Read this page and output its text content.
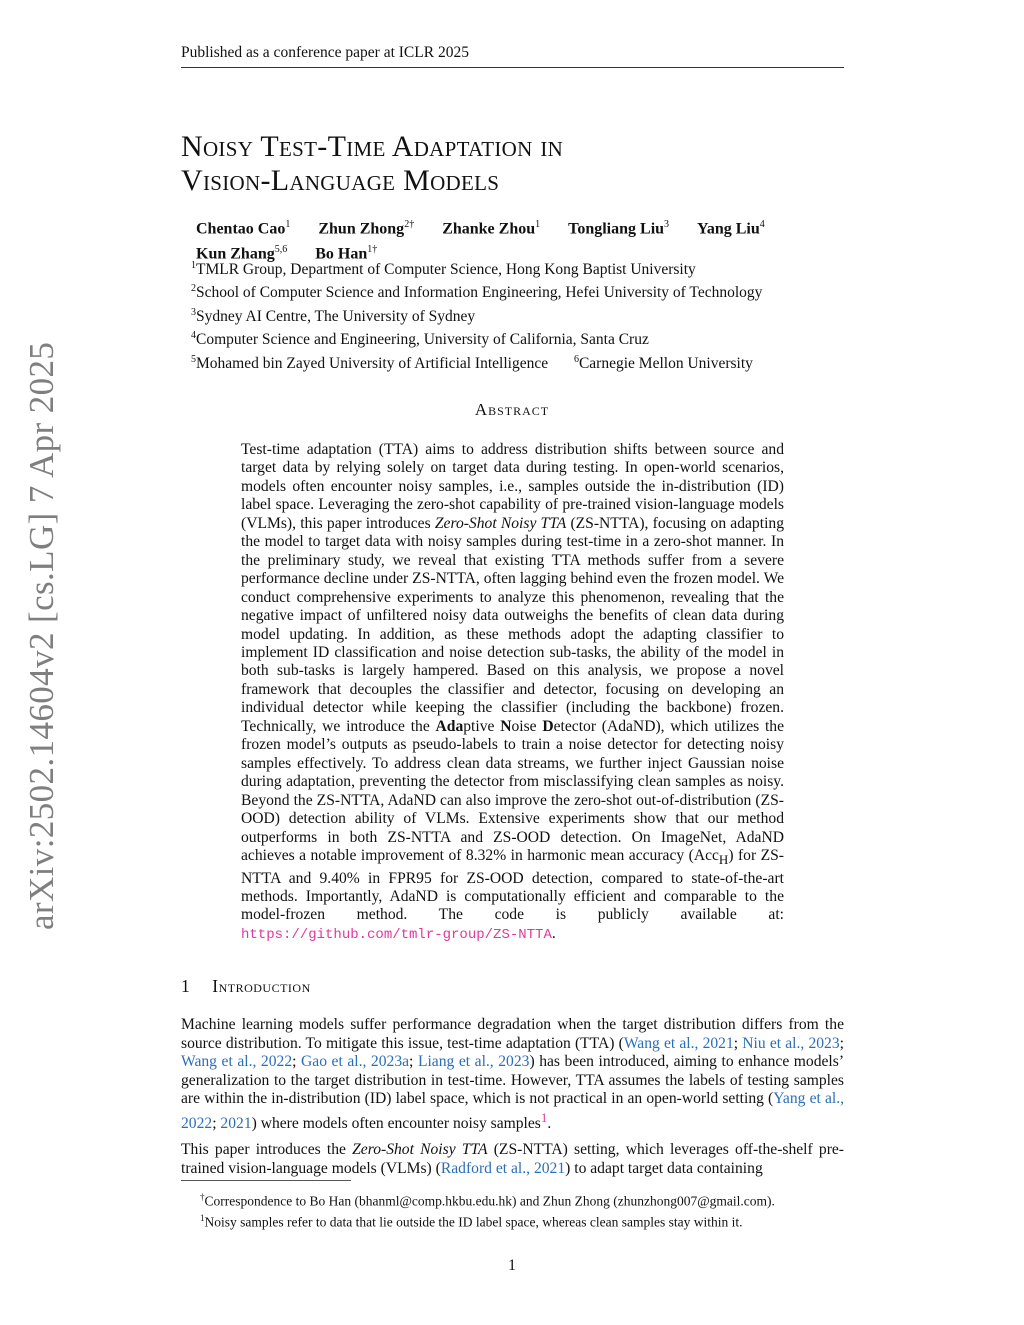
Published as a conference paper at ICLR 2025
Noisy Test-Time Adaptation in
Vision-Language Models
Chentao Cao$^1$ Zhun Zhong$^{2\dagger}$ Zhanke Zhou$^1$ Tongliang Liu$^3$ Yang Liu$^4$
Kun Zhang$^{5,6}$ Bo Han$^{1\dagger}$
$^1$TMLR Group, Department of Computer Science, Hong Kong Baptist University
$^2$School of Computer Science and Information Engineering, Hefei University of Technology
$^3$Sydney AI Centre, The University of Sydney
$^4$Computer Science and Engineering, University of California, Santa Cruz
$^5$Mohamed bin Zayed University of Artificial Intelligence	$^6$Carnegie Mellon University
arXiv:2502.14604v2 [cs.LG] 7 Apr 2025	Abstract
Test-time adaptation (TTA) aims to address distribution shifts between source and target data by relying solely on target data during testing. In open-world scenarios, models often encounter noisy samples, i.e., samples outside the in-distribution (ID) label space. Leveraging the zero-shot capability of pre-trained vision-language models (VLMs), this paper introduces Zero-Shot Noisy TTA (ZS-NTTA), focusing on adapting the model to target data with noisy samples during test-time in a zero-shot manner. In the preliminary study, we reveal that existing TTA methods suffer from a severe performance decline under ZS-NTTA, often lagging behind even the frozen model. We conduct comprehensive experiments to analyze this phenomenon, revealing that the negative impact of unfiltered noisy data outweighs the benefits of clean data during model updating. In addition, as these methods adopt the adapting classifier to implement ID classification and noise detection sub-tasks, the ability of the model in both sub-tasks is largely hampered. Based on this analysis, we propose a novel framework that decouples the classifier and detector, focusing on developing an individual detector while keeping the classifier (including the backbone) frozen. Technically, we introduce the Adaptive Noise Detector (AdaND), which utilizes the frozen model’s outputs as pseudo-labels to train a noise detector for detecting noisy samples effectively. To address clean data streams, we further inject Gaussian noise during adaptation, preventing the detector from misclassifying clean samples as noisy. Beyond the ZS-NTTA, AdaND can also improve the zero-shot out-of-distribution (ZS-OOD) detection ability of VLMs. Extensive experiments show that our method outperforms in both ZS-NTTA and ZS-OOD detection. On ImageNet, AdaND achieves a notable improvement of 8.32% in harmonic mean accuracy (Acc$_H$) for ZS-NTTA and 9.40% in FPR95 for ZS-OOD detection, compared to state-of-the-art methods. Importantly, AdaND is computationally efficient and comparable to the model-frozen method. The code is publicly available at: https://github.com/tmlr-group/ZS-NTTA.
1 Introduction

Machine learning models suffer performance degradation when the target distribution differs from the source distribution. To mitigate this issue, test-time adaptation (TTA) (Wang et al., 2021; Niu et al., 2023; Wang et al., 2022; Gao et al., 2023a; Liang et al., 2023) has been introduced, aiming to enhance models’ generalization to the target distribution in test-time. However, TTA assumes the labels of testing samples are within the in-distribution (ID) label space, which is not practical in an open-world setting (Yang et al., 2022; 2021) where models often encounter noisy samples$^1$.

This paper introduces the Zero-Shot Noisy TTA (ZS-NTTA) setting, which leverages off-the-shelf pre-trained vision-language models (VLMs) (Radford et al., 2021) to adapt target data containing

†Correspondence to Bo Han (bhanml@comp.hkbu.edu.hk) and Zhun Zhong (zhunzhong007@gmail.com).
$^1$Noisy samples refer to data that lie outside the ID label space, whereas clean samples stay within it.
1
